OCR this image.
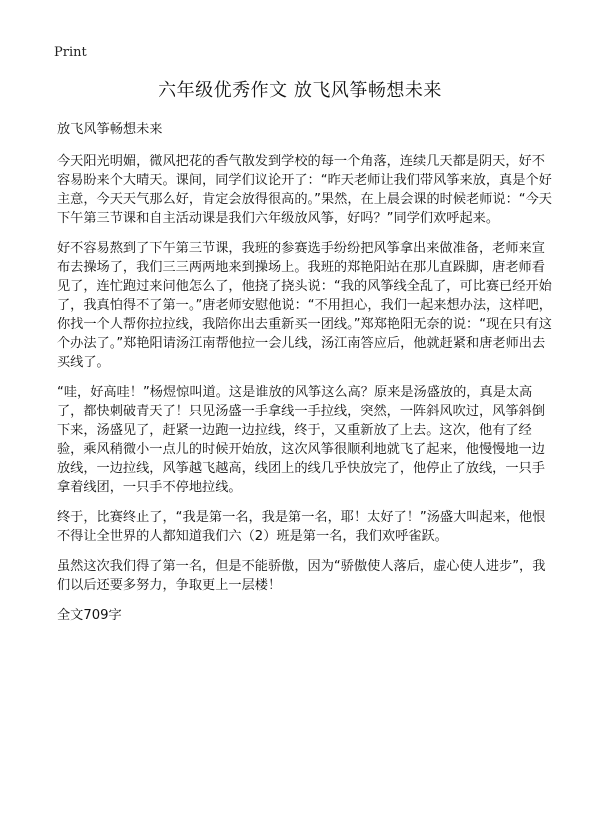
Print
六年级优秀作文 放飞风筝畅想未来

放飞风筝畅想未来

今天阳光明媚，微风把花的香气散发到学校的每一个角落，连续几天都是阴天，好不容易盼来个大晴天。课间，同学们议论开了：“昨天老师让我们带风筝来放，真是个好主意，今天天气那么好，肯定会放得很高的。”果然，在上晨会课的时候老师说：“今天下午第三节课和自主活动课是我们六年级放风筝，好吗？”同学们欢呼起来。

好不容易熬到了下午第三节课，我班的参赛选手纷纷把风筝拿出来做准备，老师来宣布去操场了，我们三三两两地来到操场上。我班的郑艳阳站在那儿直跺脚，唐老师看见了，连忙跑过来问他怎么了，他挠了挠头说：“我的风筝线全乱了，可比赛已经开始了，我真怕得不了第一。”唐老师安慰他说：“不用担心，我们一起来想办法，这样吧，你找一个人帮你拉拉线，我陪你出去重新买一团线。”郑郑艳阳无奈的说：“现在只有这个办法了。”郑艳阳请汤江南帮他拉一会儿线，汤江南答应后，他就赶紧和唐老师出去买线了。

“哇，好高哇！”杨煜惊叫道。这是谁放的风筝这么高？原来是汤盛放的，真是太高了，都快刺破青天了！只见汤盛一手拿线一手拉线，突然，一阵斜风吹过，风筝斜倒下来，汤盛见了，赶紧一边跑一边拉线，终于，又重新放了上去。这次，他有了经验，乘风稍微小一点儿的时候开始放，这次风筝很顺利地就飞了起来，他慢慢地一边放线，一边拉线，风筝越飞越高，线团上的线几乎快放完了，他停止了放线，一只手拿着线团，一只手不停地拉线。

终于，比赛终止了，“我是第一名，我是第一名，耶！太好了！”汤盛大叫起来，他恨不得让全世界的人都知道我们六（2）班是第一名，我们欢呼雀跃。

虽然这次我们得了第一名，但是不能骄傲，因为“骄傲使人落后，虚心使人进步”，我们以后还要多努力，争取更上一层楼！

全文709字
